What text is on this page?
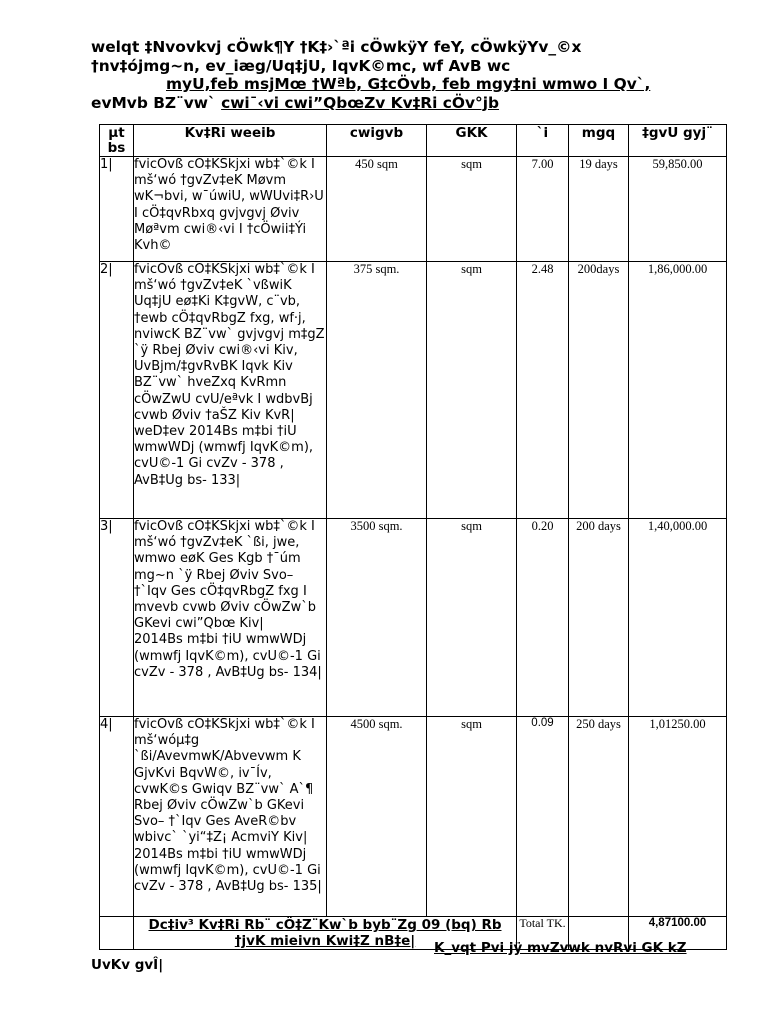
welqt ‡Nvovkvj cÖwk¶Y †K‡›`ªi cÖwkÿY feY, cÖwkÿYv_©x
†nv‡ójmg~n, ev_iæg/Uq‡jU, IqvK©mc, wf AvB wc
myU,feb msjMœ †Wªb, G‡cÖvb, feb mgy‡ni wmwo I Qv`,
evMvb BZ¨vw` cwi¯‹vi cwi”QbœZv Kv‡Ri cÖv°jb
µt bs	Kv‡Ri weeib	cwigvb	GKK	`i	mgq	‡gvU gyj¨
1|	fvicÖvß cÖ‡KŠkjxi wb‡`©k I mš‘wó †gvZv‡eK Møvm wK¬bvi, w¯úwiU, wWUvi‡R›U I cÖ‡qvRbxq gvjvgvj Øviv Møªvm cwi®‹vi I †cÖwii‡Ýi Kvh©	450 sqm	sqm	7.00	19 days	59,850.00
2|	fvicÖvß cÖ‡KŠkjxi wb‡`©k I mš‘wó †gvZv‡eK `vßwiK Uq‡jU eø‡Ki K‡gvW, c¨vb, †ewb cÖ‡qvRbgZ fxg, wf·j, nviwcK BZ¨vw` gvjvgvj m‡gZ `ÿ Rbej Øviv cwi®‹vi Kiv, UvBjm/‡gvRvBK Iqvk Kiv BZ¨vw` hveZxq KvRmn cÖwZwU cvU/eªvk I wdbvBj cvwb Øviv †aŠZ Kiv KvR|
weD‡ev 2014Bs m‡bi †iU wmwWDj (wmwfj IqvK©m), cvU©-1 Gi cvZv - 378 , AvB‡Ug bs- 133|	375 sqm.	sqm	2.48	200days	1,86,000.00
3|	fvicÖvß cÖ‡KŠkjxi wb‡`©k I mš‘wó †gvZv‡eK `ßi, jwe, wmwo eøK Ges Kgb †¯úm mg~n `ÿ Rbej Øviv Svo– †`Iqv Ges cÖ‡qvRbgZ fxg I mvevb cvwb Øviv cÖwZw`b GKevi cwi”Qbœ Kiv|
2014Bs m‡bi †iU wmwWDj (wmwfj IqvK©m), cvU©-1 Gi cvZv - 378 , AvB‡Ug bs- 134|	3500 sqm.	sqm	0.20	200 days	1,40,000.00
4|	fvicÖvß cÖ‡KŠkjxi wb‡`©k I mš‘wóµ‡g `ßi/AvevmwK/Abvevwm K GjvKvi BqvW©, iv¯Ív, cvwK©s Gwiqv BZ¨vw` A`¶ Rbej Øviv cÖwZw`b GKevi Svo– †`Iqv Ges AveR©bv wbivc` `yi“‡Z¡ AcmviY Kiv|
2014Bs m‡bi †iU wmwWDj (wmwfj IqvK©m), cvU©-1 Gi cvZv - 378 , AvB‡Ug bs- 135|	4500 sqm.	sqm	0.09	250 days	1,01250.00
	Dc‡iv³ Kv‡Ri Rb¨ cÖ‡Z¨Kw`b byb¨Zg 09 (bq) Rb †jvK mieivn Kwi‡Z nB‡e|			Total TK.		4,87100.00
K_vqt Pvi jÿ mvZvwk nvRvi GK kZ
UvKv gvÎ|
